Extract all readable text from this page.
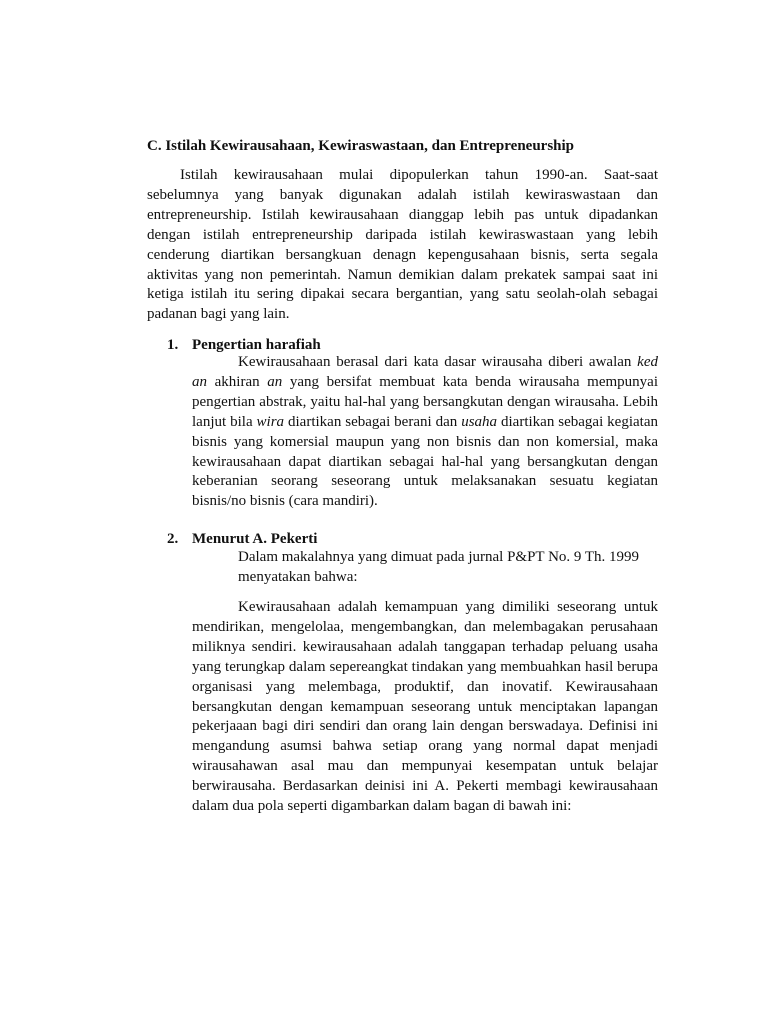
C. Istilah Kewirausahaan, Kewiraswastaan, dan Entrepreneurship

Istilah kewirausahaan mulai dipopulerkan tahun 1990-an. Saat-saat sebelumnya yang banyak digunakan adalah istilah kewiraswastaan dan entrepreneurship. Istilah kewirausahaan dianggap lebih pas untuk dipadankan dengan istilah entrepreneurship daripada istilah kewiraswastaan yang lebih cenderung diartikan bersangkuan denagn kepengusahaan bisnis, serta segala aktivitas yang non pemerintah. Namun demikian dalam prekatek sampai saat ini ketiga istilah itu sering dipakai secara bergantian, yang satu seolah-olah sebagai padanan bagi yang lain.

1. Pengertian harafiah

Kewirausahaan berasal dari kata dasar wirausaha diberi awalan ked an akhiran an yang bersifat membuat kata benda wirausaha mempunyai pengertian abstrak, yaitu hal-hal yang bersangkutan dengan wirausaha. Lebih lanjut bila wira diartikan sebagai berani dan usaha diartikan sebagai kegiatan bisnis yang komersial maupun yang non bisnis dan non komersial, maka kewirausahaan dapat diartikan sebagai hal-hal yang bersangkutan dengan keberanian seorang seseorang untuk melaksanakan sesuatu kegiatan bisnis/no bisnis (cara mandiri).

2. Menurut A. Pekerti

Dalam makalahnya yang dimuat pada jurnal P&PT No. 9 Th. 1999 menyatakan bahwa:

Kewirausahaan adalah kemampuan yang dimiliki seseorang untuk mendirikan, mengelolaa, mengembangkan, dan melembagakan perusahaan miliknya sendiri. kewirausahaan adalah tanggapan terhadap peluang usaha yang terungkap dalam sepereangkat tindakan yang membuahkan hasil berupa organisasi yang melembaga, produktif, dan inovatif. Kewirausahaan bersangkutan dengan kemampuan seseorang untuk menciptakan lapangan pekerjaaan bagi diri sendiri dan orang lain dengan berswadaya. Definisi ini mengandung asumsi bahwa setiap orang yang normal dapat menjadi wirausahawan asal mau dan mempunyai kesempatan untuk belajar berwirausaha. Berdasarkan deinisi ini A. Pekerti membagi kewirausahaan dalam dua pola seperti digambarkan dalam bagan di bawah ini:
